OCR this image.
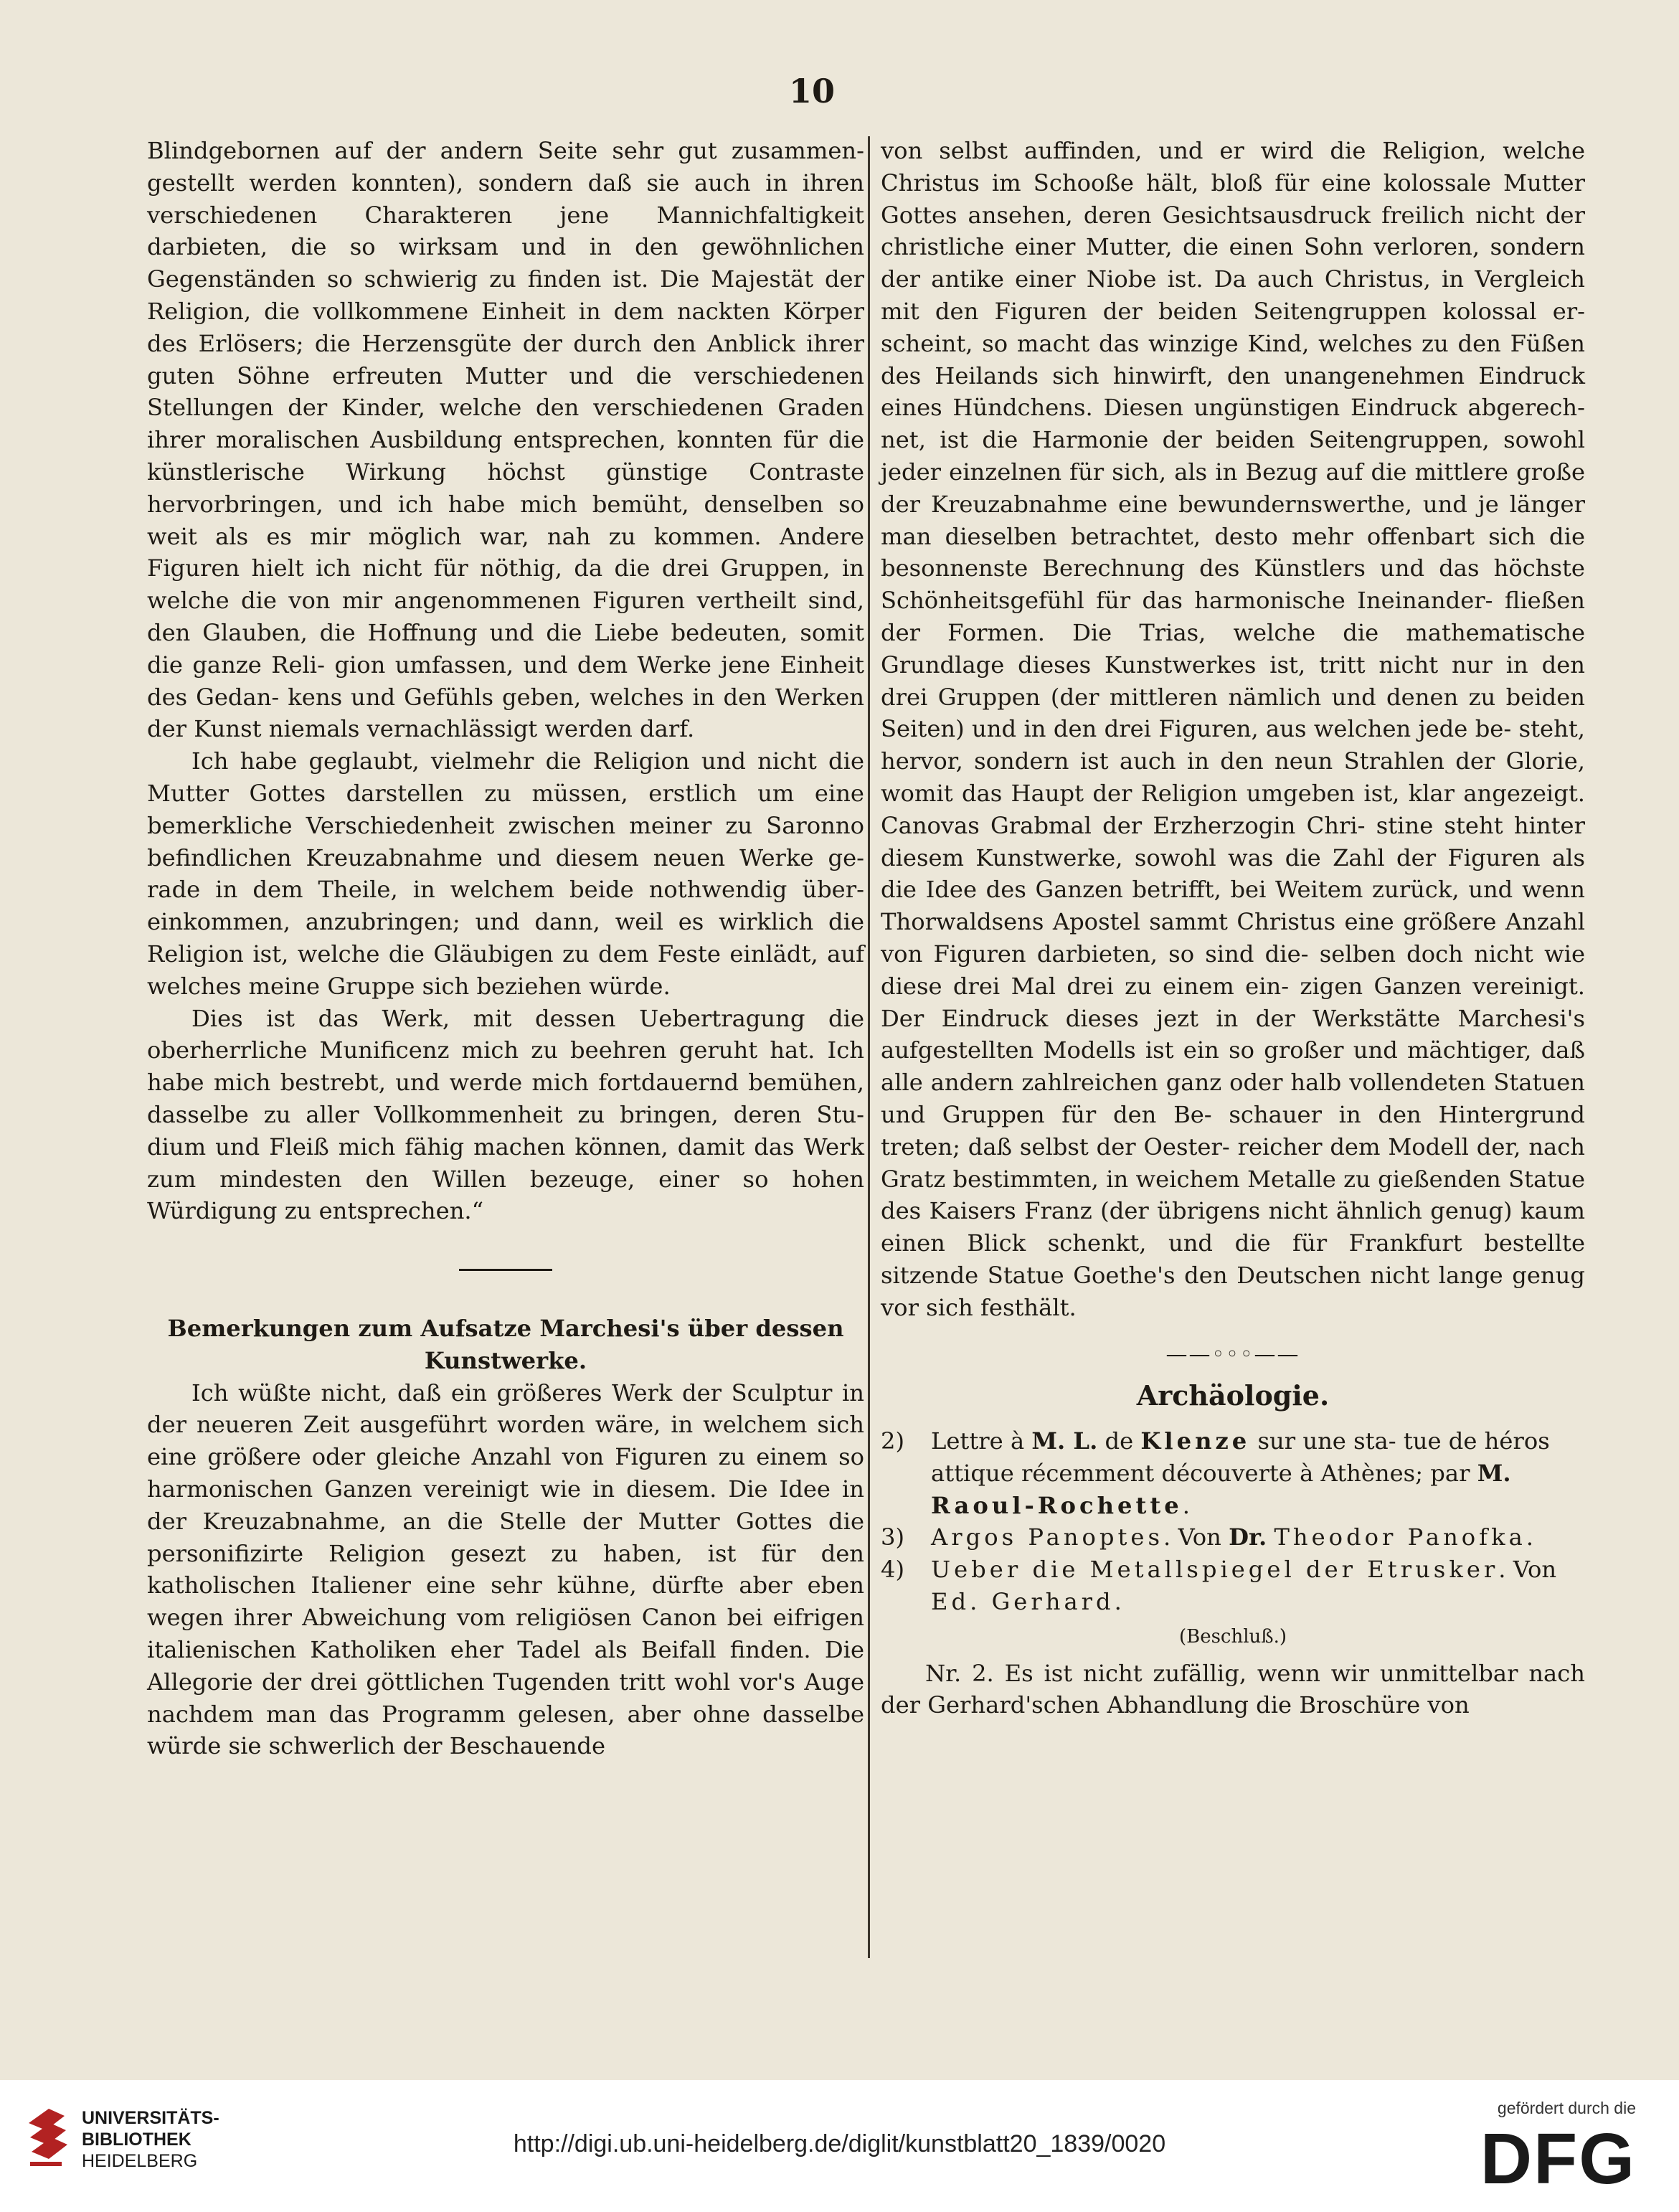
10

Blindgebornen auf der andern Seite sehr gut zusammen- gestellt werden konnten), sondern daß sie auch in ihren verschiedenen Charakteren jene Mannichfaltigkeit darbieten, die so wirksam und in den gewöhnlichen Gegenständen so schwierig zu finden ist. Die Majestät der Religion, die vollkommene Einheit in dem nackten Körper des Erlösers; die Herzensgüte der durch den Anblick ihrer guten Söhne erfreuten Mutter und die verschiedenen Stellungen der Kinder, welche den verschiedenen Graden ihrer moralischen Ausbildung entsprechen, konnten für die künstlerische Wirkung höchst günstige Contraste hervorbringen, und ich habe mich bemüht, denselben so weit als es mir möglich war, nah zu kommen. Andere Figuren hielt ich nicht für nöthig, da die drei Gruppen, in welche die von mir angenommenen Figuren vertheilt sind, den Glauben, die Hoffnung und die Liebe bedeuten, somit die ganze Reli- gion umfassen, und dem Werke jene Einheit des Gedan- kens und Gefühls geben, welches in den Werken der Kunst niemals vernachlässigt werden darf.

Ich habe geglaubt, vielmehr die Religion und nicht die Mutter Gottes darstellen zu müssen, erstlich um eine bemerkliche Verschiedenheit zwischen meiner zu Saronno befindlichen Kreuzabnahme und diesem neuen Werke ge- rade in dem Theile, in welchem beide nothwendig über- einkommen, anzubringen; und dann, weil es wirklich die Religion ist, welche die Gläubigen zu dem Feste einlädt, auf welches meine Gruppe sich beziehen würde.

Dies ist das Werk, mit dessen Uebertragung die oberherrliche Munificenz mich zu beehren geruht hat. Ich habe mich bestrebt, und werde mich fortdauernd bemühen, dasselbe zu aller Vollkommenheit zu bringen, deren Stu- dium und Fleiß mich fähig machen können, damit das Werk zum mindesten den Willen bezeuge, einer so hohen Würdigung zu entsprechen.“

Bemerkungen zum Aufsatze Marchesi's über dessen Kunstwerke.

Ich wüßte nicht, daß ein größeres Werk der Sculptur in der neueren Zeit ausgeführt worden wäre, in welchem sich eine größere oder gleiche Anzahl von Figuren zu einem so harmonischen Ganzen vereinigt wie in diesem. Die Idee in der Kreuzabnahme, an die Stelle der Mutter Gottes die personifizirte Religion gesezt zu haben, ist für den katholischen Italiener eine sehr kühne, dürfte aber eben wegen ihrer Abweichung vom religiösen Canon bei eifrigen italienischen Katholiken eher Tadel als Beifall finden. Die Allegorie der drei göttlichen Tugenden tritt wohl vor's Auge nachdem man das Programm gelesen, aber ohne dasselbe würde sie schwerlich der Beschauende

von selbst auffinden, und er wird die Religion, welche Christus im Schooße hält, bloß für eine kolossale Mutter Gottes ansehen, deren Gesichtsausdruck freilich nicht der christliche einer Mutter, die einen Sohn verloren, sondern der antike einer Niobe ist. Da auch Christus, in Vergleich mit den Figuren der beiden Seitengruppen kolossal er- scheint, so macht das winzige Kind, welches zu den Füßen des Heilands sich hinwirft, den unangenehmen Eindruck eines Hündchens. Diesen ungünstigen Eindruck abgerech- net, ist die Harmonie der beiden Seitengruppen, sowohl jeder einzelnen für sich, als in Bezug auf die mittlere große der Kreuzabnahme eine bewundernswerthe, und je länger man dieselben betrachtet, desto mehr offenbart sich die besonnenste Berechnung des Künstlers und das höchste Schönheitsgefühl für das harmonische Ineinander- fließen der Formen. Die Trias, welche die mathematische Grundlage dieses Kunstwerkes ist, tritt nicht nur in den drei Gruppen (der mittleren nämlich und denen zu beiden Seiten) und in den drei Figuren, aus welchen jede be- steht, hervor, sondern ist auch in den neun Strahlen der Glorie, womit das Haupt der Religion umgeben ist, klar angezeigt. Canovas Grabmal der Erzherzogin Chri- stine steht hinter diesem Kunstwerke, sowohl was die Zahl der Figuren als die Idee des Ganzen betrifft, bei Weitem zurück, und wenn Thorwaldsens Apostel sammt Christus eine größere Anzahl von Figuren darbieten, so sind die- selben doch nicht wie diese drei Mal drei zu einem ein- zigen Ganzen vereinigt. Der Eindruck dieses jezt in der Werkstätte Marchesi's aufgestellten Modells ist ein so großer und mächtiger, daß alle andern zahlreichen ganz oder halb vollendeten Statuen und Gruppen für den Be- schauer in den Hintergrund treten; daß selbst der Oester- reicher dem Modell der, nach Gratz bestimmten, in weichem Metalle zu gießenden Statue des Kaisers Franz (der übrigens nicht ähnlich genug) kaum einen Blick schenkt, und die für Frankfurt bestellte sitzende Statue Goethe's den Deutschen nicht lange genug vor sich festhält.

——◦◦◦——
Archäologie.
2)	Lettre à M. L. de Klenze sur une sta- tue de héros attique récemment découverte à Athènes; par M. Raoul-Rochette.
3)	Argos Panoptes. Von Dr. Theodor Panofka.
4)	Ueber die Metallspiegel der Etrusker. Von Ed. Gerhard.
(Beschluß.)

Nr. 2. Es ist nicht zufällig, wenn wir unmittelbar nach der Gerhard'schen Abhandlung die Broschüre von

UNIVERSITÄTS-
BIBLIOTHEK
HEIDELBERG
http://digi.ub.uni-heidelberg.de/diglit/kunstblatt20_1839/0020
gefördert durch die
DFG
